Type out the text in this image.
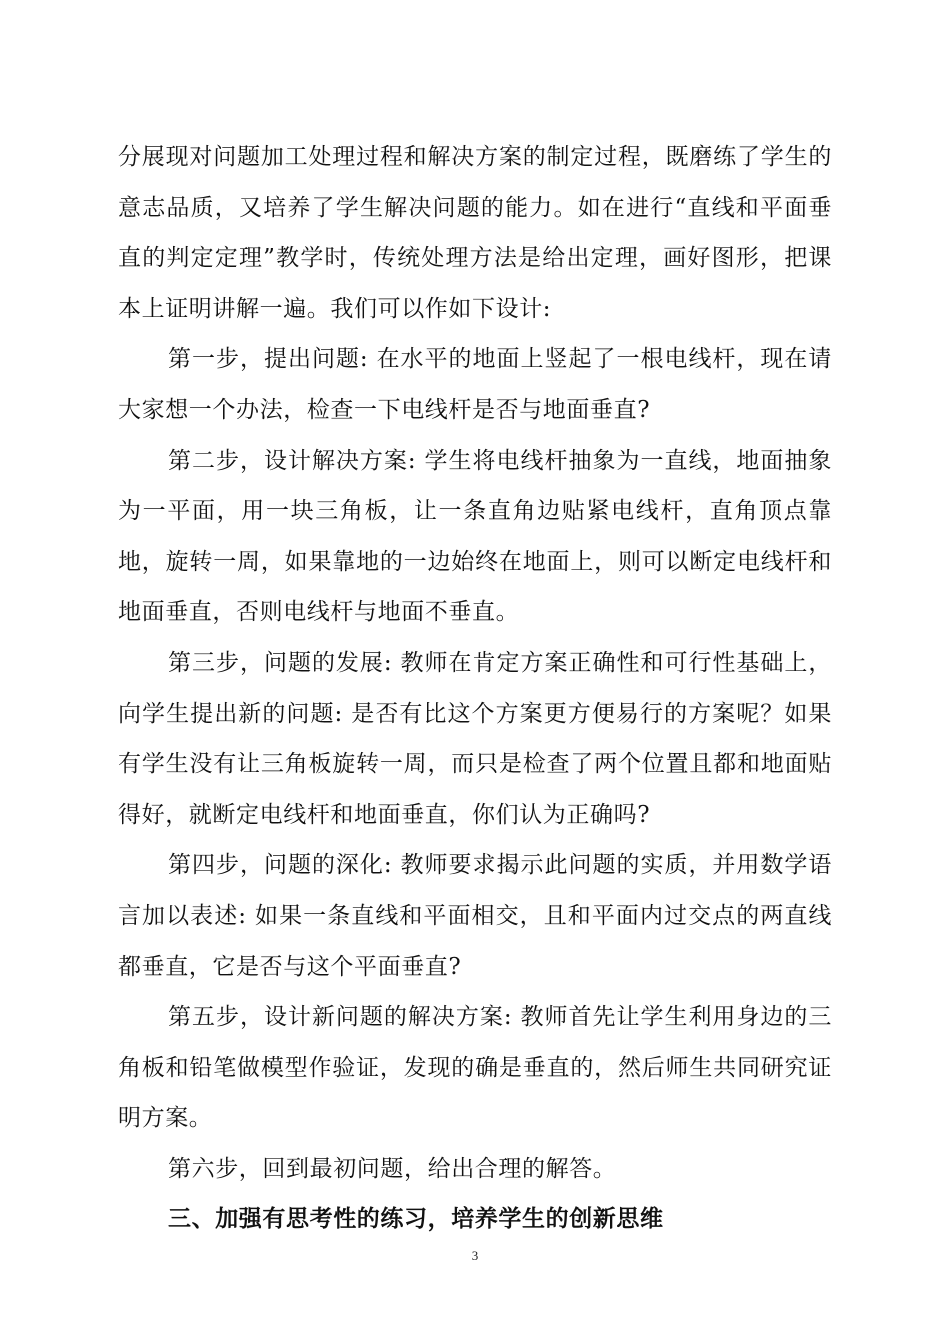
分展现对问题加工处理过程和解决方案的制定过程，既磨练了学生的意志品质，又培养了学生解决问题的能力。如在进行“直线和平面垂直的判定定理”教学时，传统处理方法是给出定理，画好图形，把课本上证明讲解一遍。我们可以作如下设计:

第一步，提出问题: 在水平的地面上竖起了一根电线杆，现在请大家想一个办法，检查一下电线杆是否与地面垂直?

第二步，设计解决方案: 学生将电线杆抽象为一直线，地面抽象为一平面，用一块三角板，让一条直角边贴紧电线杆，直角顶点靠地，旋转一周，如果靠地的一边始终在地面上，则可以断定电线杆和地面垂直，否则电线杆与地面不垂直。

第三步，问题的发展: 教师在肯定方案正确性和可行性基础上，向学生提出新的问题: 是否有比这个方案更方便易行的方案呢？如果有学生没有让三角板旋转一周，而只是检查了两个位置且都和地面贴得好，就断定电线杆和地面垂直，你们认为正确吗?

第四步，问题的深化: 教师要求揭示此问题的实质，并用数学语言加以表述: 如果一条直线和平面相交，且和平面内过交点的两直线都垂直，它是否与这个平面垂直?

第五步，设计新问题的解决方案: 教师首先让学生利用身边的三角板和铅笔做模型作验证，发现的确是垂直的，然后师生共同研究证明方案。

第六步，回到最初问题，给出合理的解答。

三、加强有思考性的练习，培养学生的创新思维
3
